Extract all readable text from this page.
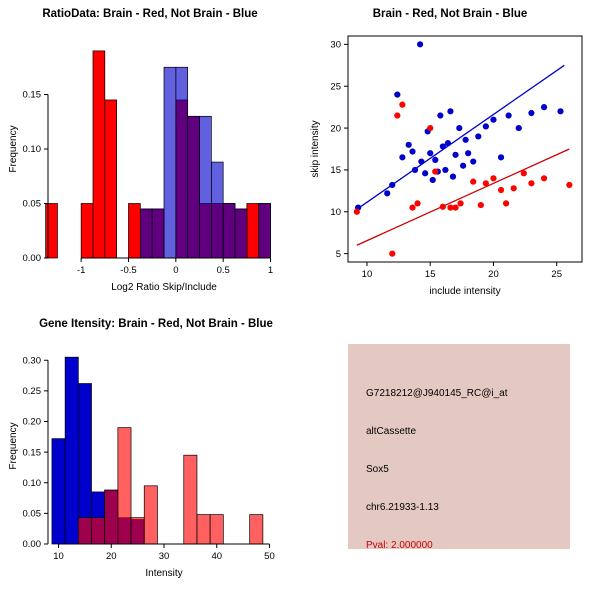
RatioData: Brain - Red, Not Brain - Blue
0.00
0.05
0.10
0.15
-1	-0.5	0	0.5	1
Log2 Ratio Skip/Include
Frequency
Brain - Red, Not Brain - Blue
10	15	20	25
5
10
15
20
25
30
include intensity
skip intensity
Gene Itensity: Brain - Red, Not Brain - Blue
0.00
0.05
0.10
0.15
0.20
0.25
0.30
10	20	30	40	50
Intensity
Frequency
G7218212@J940145_RC@i_at
altCassette
Sox5
chr6.21933-1.13
Pval: 2.000000
